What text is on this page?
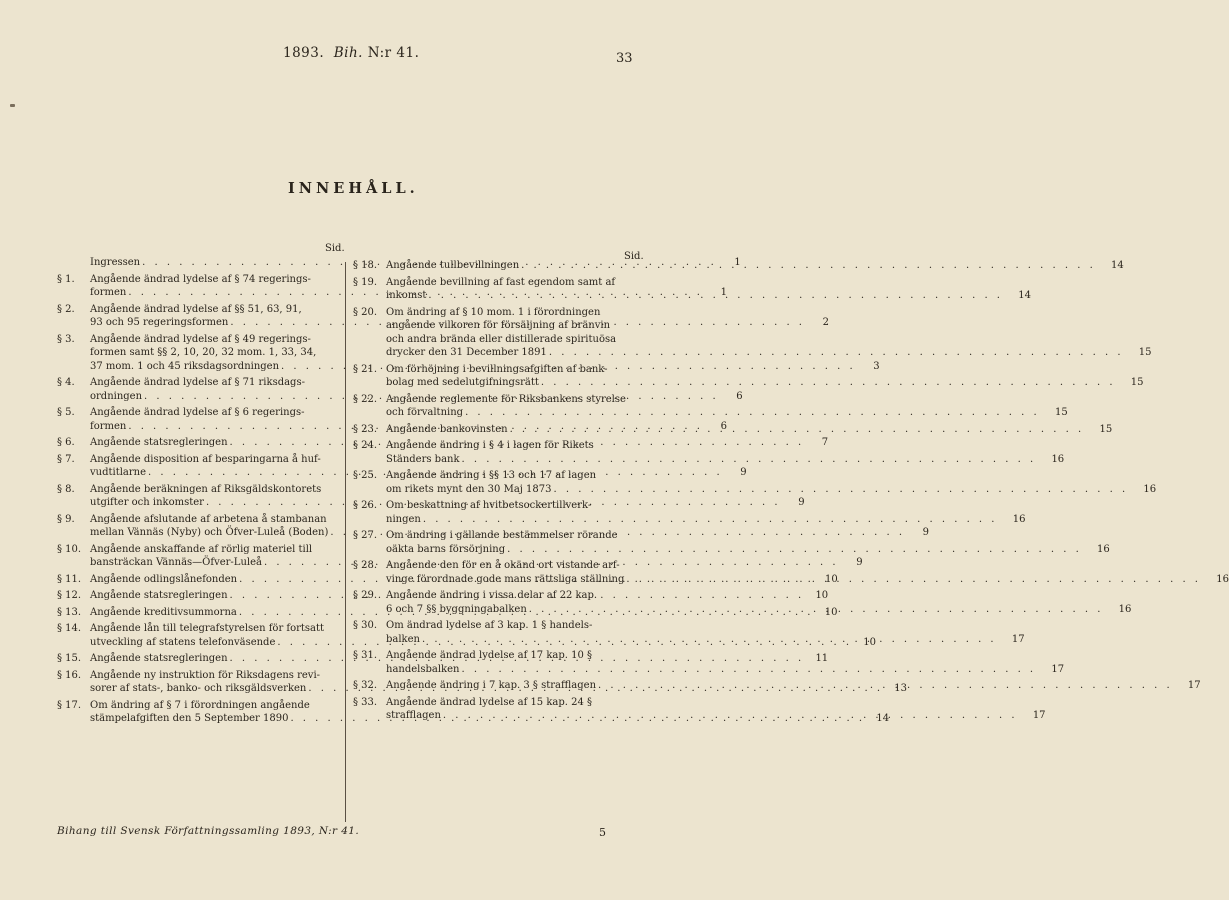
1893. Bih. N:r 41.	33
INNEHÅLL.
Sid.
Sid.
Ingressen . . .	1
§ 1.	Angående ändrad lydelse af § 74 regerings-
formen . . .	1
§ 2.	Angående ändrad lydelse af §§ 51, 63, 91,
93 och 95 regeringsformen . . .	2
§ 3.	Angående ändrad lydelse af § 49 regerings-
formen samt §§ 2, 10, 20, 32 mom. 1, 33, 34,
37 mom. 1 och 45 riksdagsordningen . . .	3
§ 4.	Angående ändrad lydelse af § 71 riksdags-
ordningen . . .	6
§ 5.	Angående ändrad lydelse af § 6 regerings-
formen . . .	6
§ 6.	Angående statsregleringen . . .	7
§ 7.	Angående disposition af besparingarna å huf-
vudtitlarne . . .	9
§ 8.	Angående beräkningen af Riksgäldskontorets
utgifter och inkomster . . .	9
§ 9.	Angående afslutande af arbetena å stambanan
mellan Vännäs (Nyby) och Öfver-Luleå (Boden) . . .	9
§ 10. Angående anskaffande af rörlig materiel till
bansträckan Vännäs—Öfver-Luleå . . .	9
§ 11. Angående odlingslånefonden . . .	10
§ 12. Angående statsregleringen . . .	10
§ 13. Angående kreditivsummorna . . .	10
§ 14. Angående lån till telegrafstyrelsen för fortsatt
utveckling af statens telefonväsende . . .	10
§ 15. Angående statsregleringen . . .	11
§ 16. Angående ny instruktion för Riksdagens revi-
sorer af stats-, banko- och riksgäldsverken . . .	13
§ 17. Om ändring af § 7 i förordningen angående
stämpelafgiften den 5 September 1890 . . .	14
§ 18. Angående tullbevillningen . . .	14
§ 19. Angående bevillning af fast egendom samt af
inkomst . . .	14
§ 20. Om ändring af § 10 mom. 1 i förordningen
angående vilkoren för försäljning af bränvin
och andra brända eller distillerade spirituösa
drycker den 31 December 1891 . . .	15
§ 21. Om förhöjning i bevillningsafgiften af bank-
bolag med sedelutgifningsrätt . . .	15
§ 22. Angående reglemente för Riksbankens styrelse
och förvaltning . . .	15
§ 23. Angående bankovinsten . . .	15
§ 24. Angående ändring i § 4 i lagen för Rikets
Ständers bank . . .	16
§ 25. Angående ändring i §§ 13 och 17 af lagen
om rikets mynt den 30 Maj 1873 . . .	16
§ 26. Om beskattning af hvitbetsockertillverk-
ningen . . .	16
§ 27. Om ändring i gällande bestämmelser rörande
oäkta barns försörjning . . .	16
§ 28. Angående den för en å okänd ort vistande arf-
vinge förordnade gode mans rättsliga ställning . . .	16
§ 29. Angående ändring i vissa delar af 22 kap.
6 och 7 §§ byggningabalken . . .	16
§ 30. Om ändrad lydelse af 3 kap. 1 § handels-
balken . . .	17
§ 31. Angående ändrad lydelse af 17 kap. 10 §
handelsbalken . . .	17
§ 32. Angående ändring i 7 kap. 3 § strafflagen . . .	17
§ 33. Angående ändrad lydelse af 15 kap. 24 §
strafflagen . . .	17
Bihang till Svensk Författningssamling 1893, N:r 41.	5
